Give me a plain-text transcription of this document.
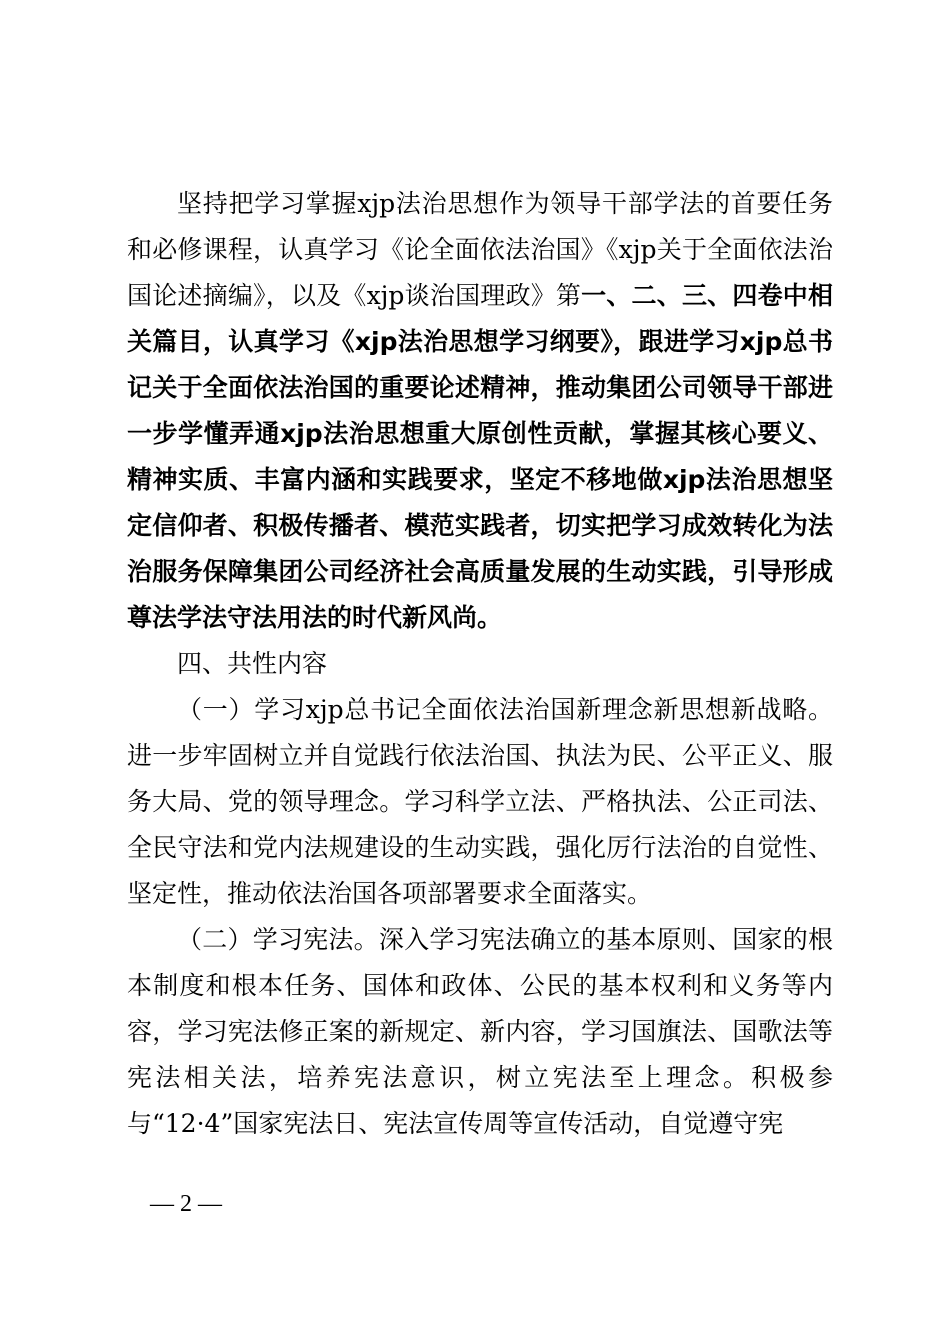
坚持把学习掌握xjp法治思想作为领导干部学法的首要任务和必修课程，认真学习《论全面依法治国》《xjp关于全面依法治国论述摘编》，以及《xjp谈治国理政》第一、二、三、四卷中相关篇目，认真学习《xjp法治思想学习纲要》，跟进学习xjp总书记关于全面依法治国的重要论述精神，推动集团公司领导干部进一步学懂弄通xjp法治思想重大原创性贡献，掌握其核心要义、精神实质、丰富内涵和实践要求，坚定不移地做xjp法治思想坚定信仰者、积极传播者、模范实践者，切实把学习成效转化为法治服务保障集团公司经济社会高质量发展的生动实践，引导形成尊法学法守法用法的时代新风尚。

四、共性内容

（一）学习xjp总书记全面依法治国新理念新思想新战略。进一步牢固树立并自觉践行依法治国、执法为民、公平正义、服务大局、党的领导理念。学习科学立法、严格执法、公正司法、全民守法和党内法规建设的生动实践，强化厉行法治的自觉性、坚定性，推动依法治国各项部署要求全面落实。

（二）学习宪法。深入学习宪法确立的基本原则、国家的根本制度和根本任务、国体和政体、公民的基本权利和义务等内容，学习宪法修正案的新规定、新内容，学习国旗法、国歌法等宪法相关法，培养宪法意识，树立宪法至上理念。积极参与“12·4”国家宪法日、宪法宣传周等宣传活动，自觉遵守宪

— 2 —
